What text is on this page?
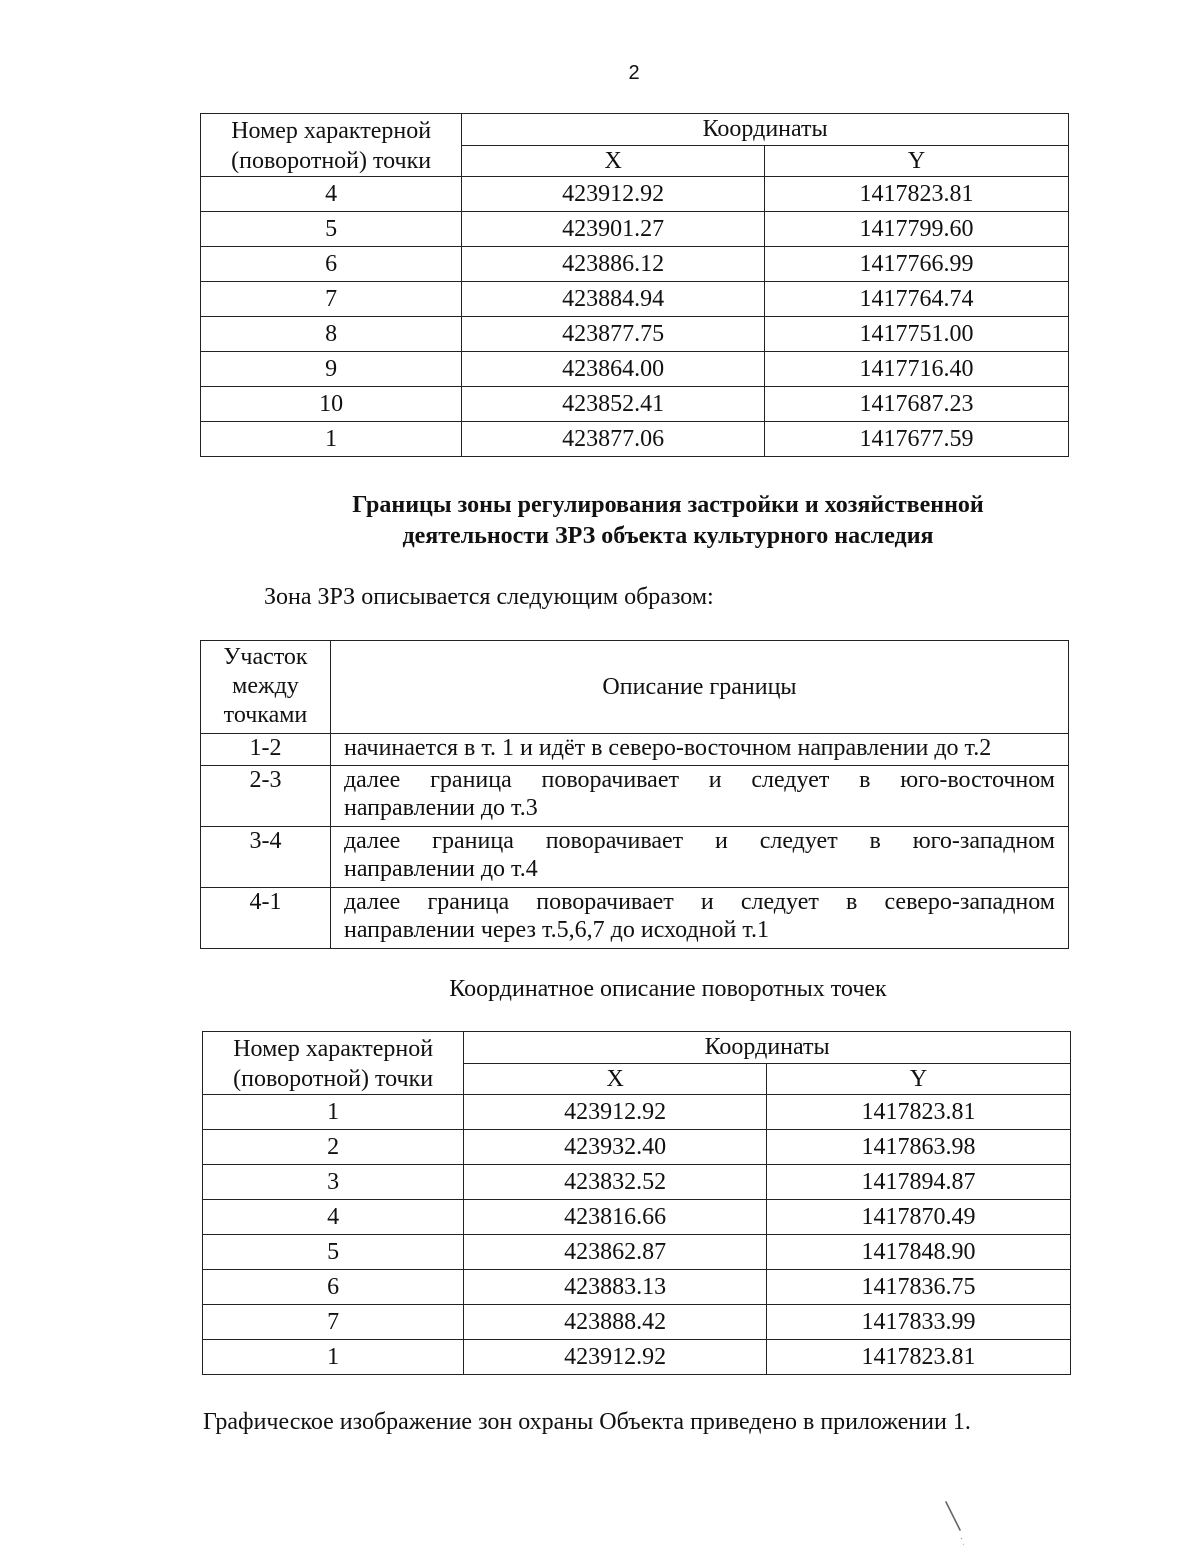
2
Номер характерной
(поворотной) точки	Координаты	
	X	Y
4	423912.92	1417823.81
5	423901.27	1417799.60
6	423886.12	1417766.99
7	423884.94	1417764.74
8	423877.75	1417751.00
9	423864.00	1417716.40
10	423852.41	1417687.23
1	423877.06	1417677.59
Границы зоны регулирования застройки и хозяйственной
деятельности ЗРЗ объекта культурного наследия
Зона ЗРЗ описывается следующим образом:
Участок
между
точками	Описание границы
1-2	начинается в т. 1 и идёт в северо-восточном направлении до т.2

2-3	далее граница поворачивает и следует в юго-восточном
направлении до т.3

3-4	далее граница поворачивает и следует в юго-западном
направлении до т.4

4-1	далее граница поворачивает и следует в северо-западном
направлении через т.5,6,7 до исходной т.1
Координатное описание поворотных точек
Номер характерной
(поворотной) точки	Координаты	
	X	Y
1	423912.92	1417823.81
2	423932.40	1417863.98
3	423832.52	1417894.87
4	423816.66	1417870.49
5	423862.87	1417848.90
6	423883.13	1417836.75
7	423888.42	1417833.99
1	423912.92	1417823.81
Графическое изображение зон охраны Объекта приведено в приложении 1.
